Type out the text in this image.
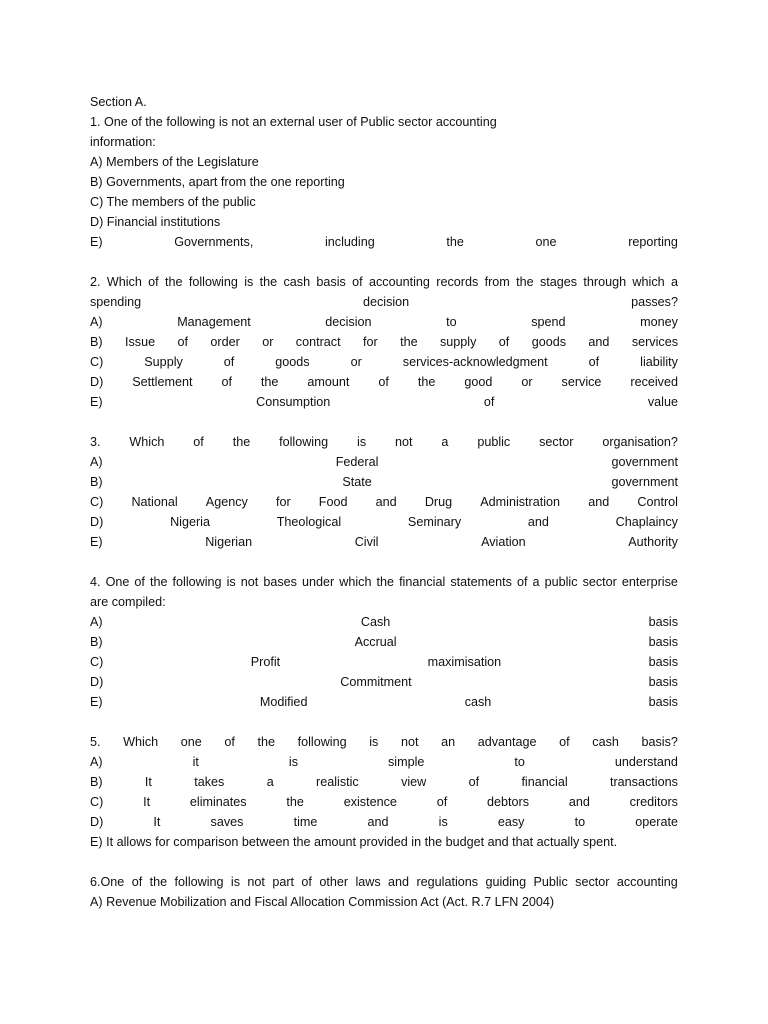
Section A.
1. One of the following is not an external user of Public sector accounting
information:
A) Members of the Legislature
B) Governments, apart from the one reporting
C) The members of the public
D) Financial institutions
E)	Governments,	including	the	one	reporting
2. Which of the following is the cash basis of accounting records from the stages through which a
spending	decision	passes?
A)	Management	decision	to	spend	money
B) Issue of order or contract for the supply of goods and services
C)	Supply	of	goods	or	services-acknowledgment	of	liability
D) Settlement of the amount of the good or service received
E)	Consumption	of	value
3. Which of the following is not a public sector organisation?
A)	Federal	government
B)	State	government
C) National Agency for Food and Drug Administration and Control
D)	Nigeria	Theological	Seminary	and	Chaplaincy
E)	Nigerian	Civil	Aviation	Authority
4. One of the following is not bases under which the financial statements of a public sector enterprise
are compiled:
A)	Cash	basis
B)	Accrual	basis
C)	Profit	maximisation	basis
D)	Commitment	basis
E)	Modified	cash	basis
5. Which one of the following is not an advantage of cash basis?
A)	it	is	simple	to	understand
B)	It	takes	a	realistic	view	of	financial	transactions
C)	It	eliminates	the	existence	of	debtors	and	creditors
D)	It	saves	time	and	is	easy	to	operate
E) It allows for comparison between the amount provided in the budget and that actually spent.
6.One of the following is not part of other laws and regulations guiding Public sector accounting
A) Revenue Mobilization and Fiscal Allocation Commission Act (Act. R.7 LFN 2004)
